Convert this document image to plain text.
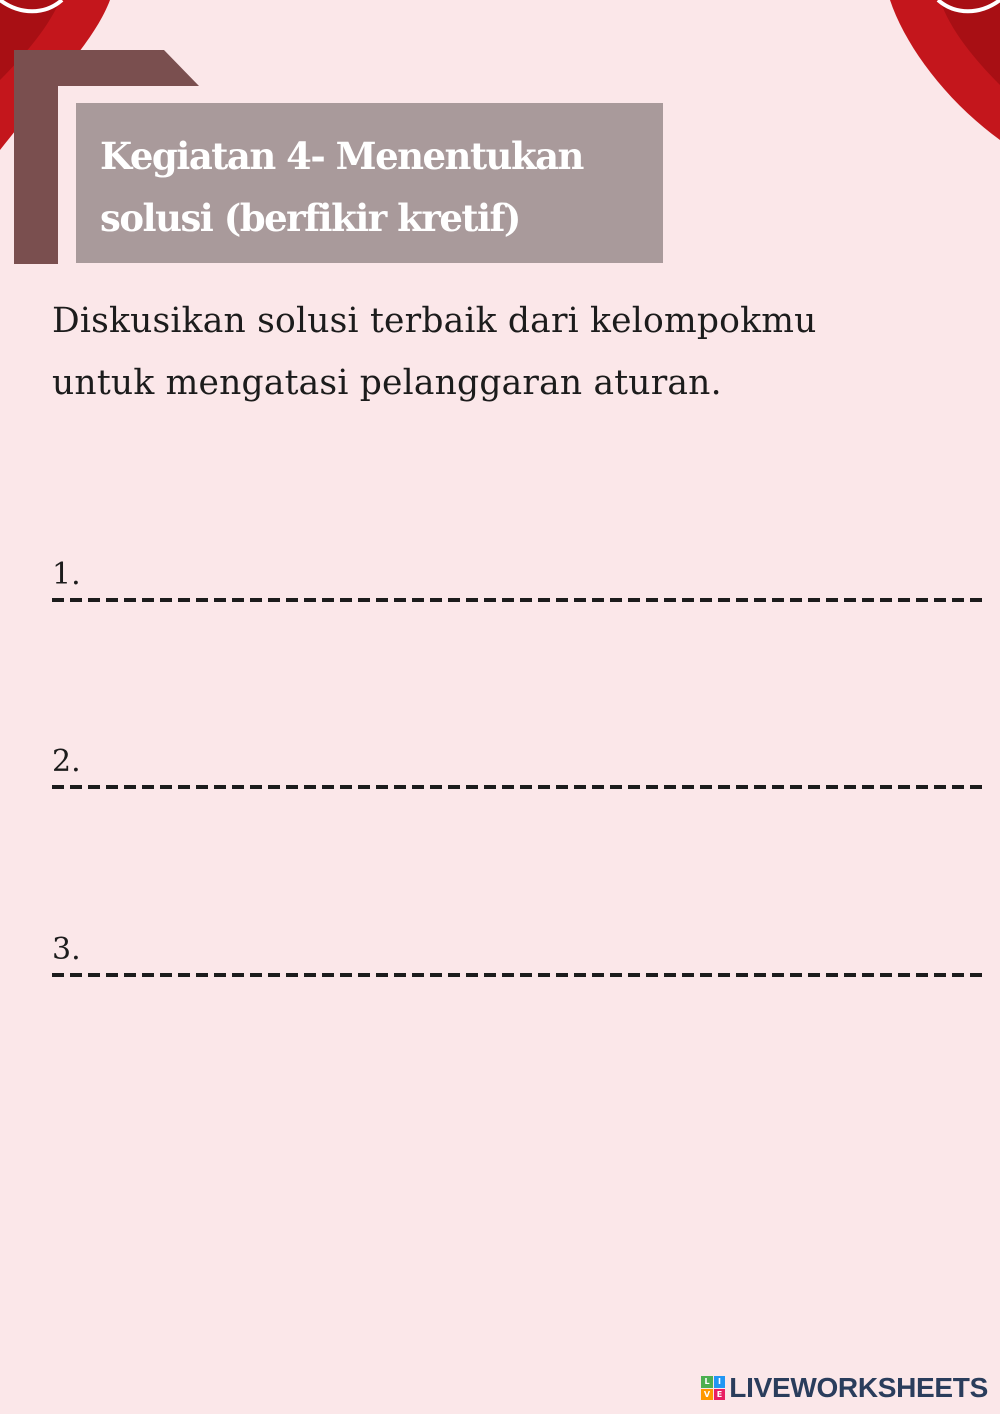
Kegiatan 4- Menentukan
solusi (berfikir kretif)
Diskusikan solusi terbaik dari kelompokmu
untuk mengatasi pelanggaran aturan.
1.
2.
3.
L	I
V E LIVEWORKSHEETS
